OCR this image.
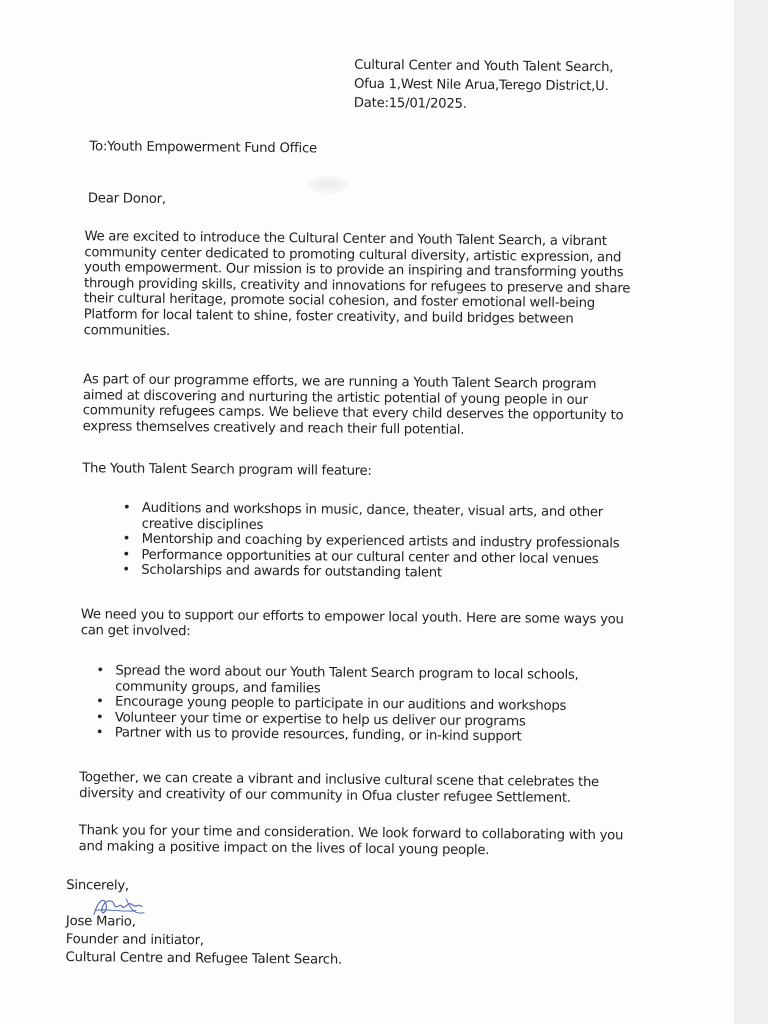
Cultural Center and Youth Talent Search,
Ofua 1,West Nile Arua,Terego District,U.
Date:15/01/2025.
To:Youth Empowerment Fund Office
Dear Donor,
We are excited to introduce the Cultural Center and Youth Talent Search, a vibrant community center dedicated to promoting cultural diversity, artistic expression, and youth empowerment. Our mission is to provide an inspiring and transforming youths through providing skills, creativity and innovations for refugees to preserve and share their cultural heritage, promote social cohesion, and foster emotional well-being Platform for local talent to shine, foster creativity, and build bridges between communities.
As part of our programme efforts, we are running a Youth Talent Search program aimed at discovering and nurturing the artistic potential of young people in our community refugees camps. We believe that every child deserves the opportunity to express themselves creatively and reach their full potential.
The Youth Talent Search program will feature:
• Auditions and workshops in music, dance, theater, visual arts, and other creative disciplines
• Mentorship and coaching by experienced artists and industry professionals
• Performance opportunities at our cultural center and other local venues
• Scholarships and awards for outstanding talent
We need you to support our efforts to empower local youth. Here are some ways you can get involved:
• Spread the word about our Youth Talent Search program to local schools, community groups, and families
• Encourage young people to participate in our auditions and workshops
• Volunteer your time or expertise to help us deliver our programs
• Partner with us to provide resources, funding, or in-kind support
Together, we can create a vibrant and inclusive cultural scene that celebrates the diversity and creativity of our community in Ofua cluster refugee Settlement.
Thank you for your time and consideration. We look forward to collaborating with you and making a positive impact on the lives of local young people.
Sincerely,
Jose Mario,
Founder and initiator,
Cultural Centre and Refugee Talent Search.
